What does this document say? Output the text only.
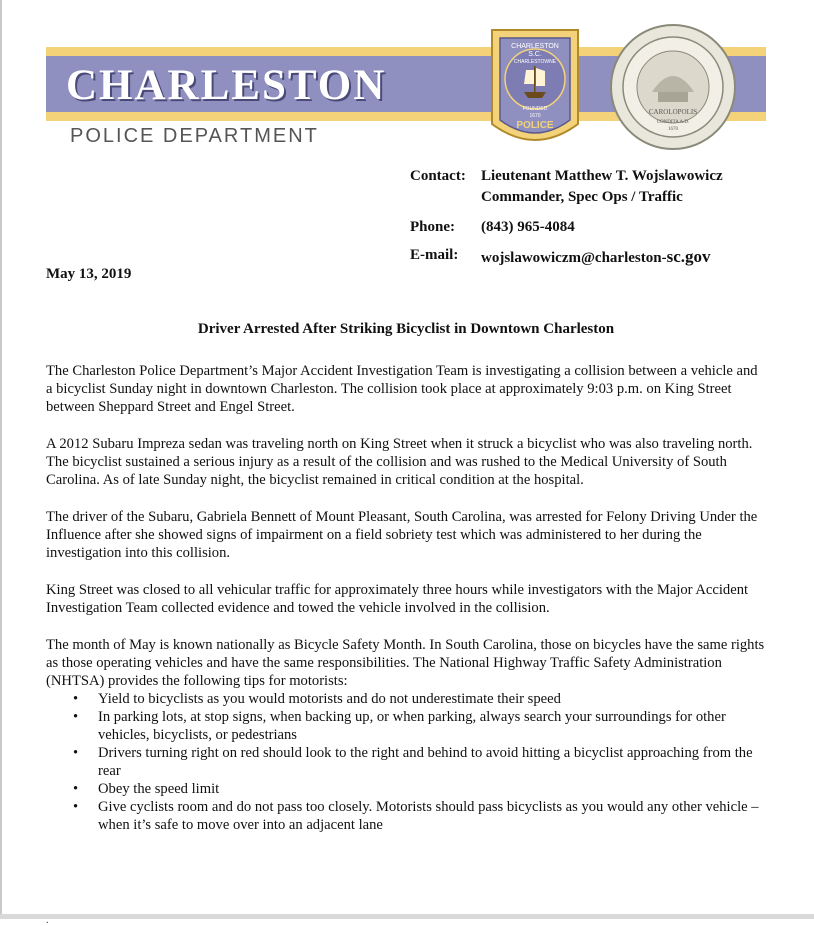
CHARLESTON
POLICE DEPARTMENT
CHARLESTON
S.C.
CHARLESTOWNE
FOUNDED
1670
POLICE
CAROLOPOLIS
CONDITA A.D.
1670
Contact: Lieutenant Matthew T. Wojslawowicz
Commander, Spec Ops / Traffic
Phone: (843) 965-4084
E-mail: wojslawowiczm@charleston-sc.gov
May 13, 2019
Driver Arrested After Striking Bicyclist in Downtown Charleston

The Charleston Police Department’s Major Accident Investigation Team is investigating a collision between a vehicle and a bicyclist Sunday night in downtown Charleston. The collision took place at approximately 9:03 p.m. on King Street between Sheppard Street and Engel Street.

A 2012 Subaru Impreza sedan was traveling north on King Street when it struck a bicyclist who was also traveling north. The bicyclist sustained a serious injury as a result of the collision and was rushed to the Medical University of South Carolina. As of late Sunday night, the bicyclist remained in critical condition at the hospital.

The driver of the Subaru, Gabriela Bennett of Mount Pleasant, South Carolina, was arrested for Felony Driving Under the Influence after she showed signs of impairment on a field sobriety test which was administered to her during the investigation into this collision.

King Street was closed to all vehicular traffic for approximately three hours while investigators with the Major Accident Investigation Team collected evidence and towed the vehicle involved in the collision.

The month of May is known nationally as Bicycle Safety Month. In South Carolina, those on bicycles have the same rights as those operating vehicles and have the same responsibilities. The National Highway Traffic Safety Administration (NHTSA) provides the following tips for motorists:

• Yield to bicyclists as you would motorists and do not underestimate their speed
• In parking lots, at stop signs, when backing up, or when parking, always search your surroundings for other vehicles, bicyclists, or pedestrians
• Drivers turning right on red should look to the right and behind to avoid hitting a bicyclist approaching from the rear
• Obey the speed limit
• Give cyclists room and do not pass too closely. Motorists should pass bicyclists as you would any other vehicle – when it’s safe to move over into an adjacent lane
.
